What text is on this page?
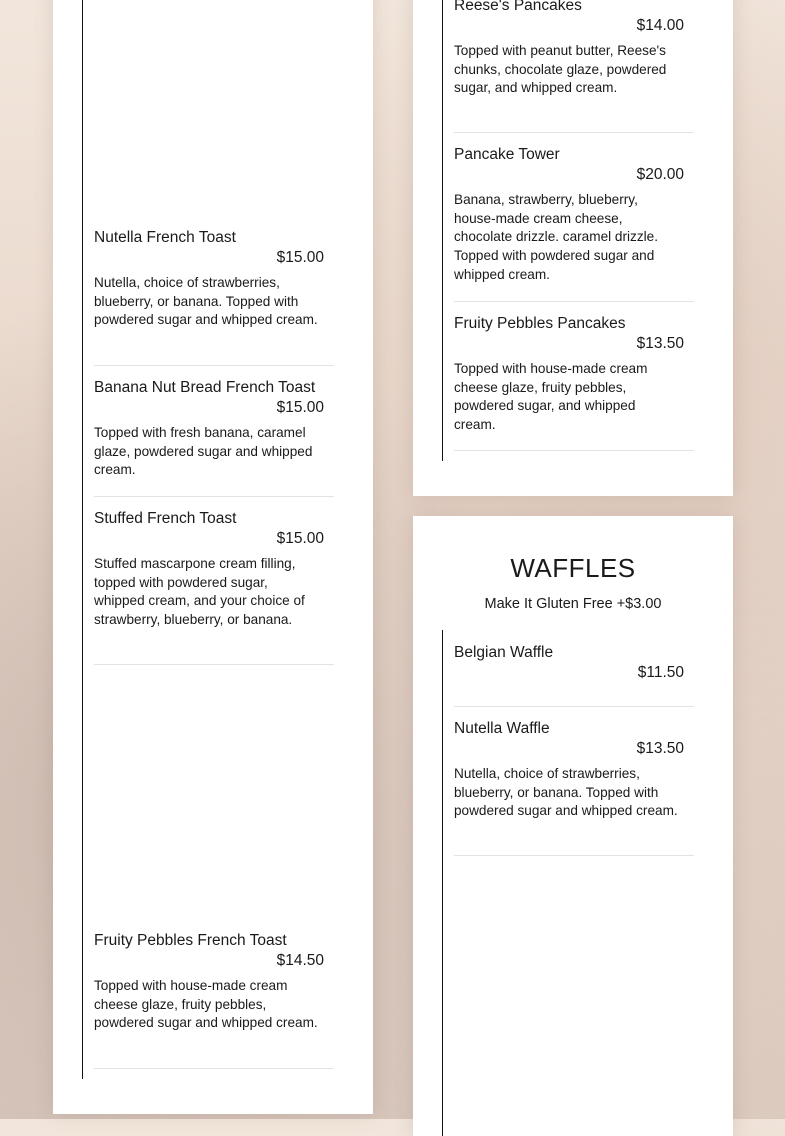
Nutella French Toast
$15.00
Nutella, choice of strawberries, blueberry, or banana. Topped with powdered sugar and whipped cream.
Banana Nut Bread French Toast
$15.00
Topped with fresh banana, caramel glaze, powdered sugar and whipped cream.
Stuffed French Toast
$15.00
Stuffed mascarpone cream filling, topped with powdered sugar, whipped cream, and your choice of strawberry, blueberry, or banana.
Fruity Pebbles French Toast
$14.50
Topped with house-made cream cheese glaze, fruity pebbles, powdered sugar and whipped cream.
Reese's Pancakes
$14.00
Topped with peanut butter, Reese's chunks, chocolate glaze, powdered sugar, and whipped cream.
Pancake Tower
$20.00
Banana, strawberry, blueberry, house-made cream cheese, chocolate drizzle. caramel drizzle. Topped with powdered sugar and whipped cream.
Fruity Pebbles Pancakes
$13.50
Topped with house-made cream cheese glaze, fruity pebbles, powdered sugar, and whipped cream.
WAFFLES
Make It Gluten Free +$3.00
Belgian Waffle
$11.50
Nutella Waffle
$13.50
Nutella, choice of strawberries, blueberry, or banana. Topped with powdered sugar and whipped cream.
